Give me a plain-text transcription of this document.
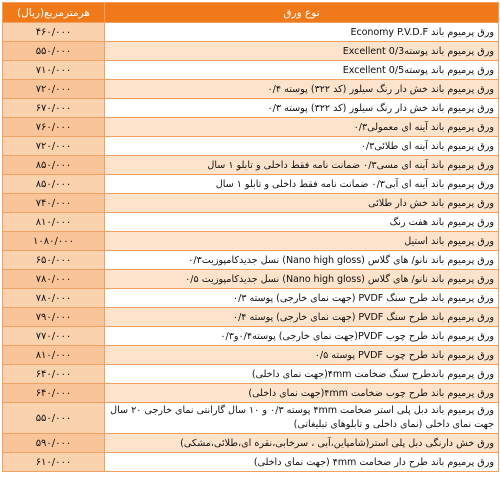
نوع ورق	هرمترمربع(ریال)
ورق پرمیوم باند Economy P.V.D.F	۴۶۰/۰۰۰
ورق پرمیوم باند پوسته0/3 Excellent	۵۵۰/۰۰۰
ورق پرمیوم باند پوسته0/5 Excellent	۷۱۰/۰۰۰
ورق پرمیوم باند خش دار رنگ سیلور (کد ۳۲۲) پوسته ۰/۴	۷۲۰/۰۰۰
ورق پرمیوم باند خش دار رنگ سیلور (کد ۳۲۲) پوسته ۰/۳	۶۷۰/۰۰۰
ورق پرمیوم باند آینه ای معمولی۰/۳	۷۶۰/۰۰۰
ورق پرمیوم باند آینه ای طلائی۰/۳	۷۲۰/۰۰۰
ورق پرمیوم باند آینه ای مسی۰/۳ ضمانت نامه فقط داخلی و تابلو ۱ سال	۸۵۰/۰۰۰
ورق پرمیوم باند آینه ای آبی۰/۳ ضمانت نامه فقط داخلی و تابلو ۱ سال	۸۵۰/۰۰۰
ورق پرمیوم باند خش دار طلائی	۷۴۰/۰۰۰
ورق پرمیوم باند هفت رنگ	۸۱۰/۰۰۰
ورق پرمیوم باند استیل	۱۰۸۰/۰۰۰
ورق پرمیوم باند نانو/ های گلاس (Nano high gloss) نسل جدیدکامپوزیت۰/۳	۶۵۰/۰۰۰
ورق پرمیوم باند نانو/ های گلاس (Nano high gloss) نسل جدیدکامپوزیت ۰/۵	۷۸۰/۰۰۰
ورق پرمیوم باند طرح سنگ PVDF (جهت نمای خارجی) پوسته ۰/۳	۷۸۰/۰۰۰
ورق پرمیوم باند طرح سنگ PVDF (جهت نمای خارجی) پوسته ۰/۴	۷۹۰/۰۰۰
ورق پرمیوم باند طرح چوب PVDF(جهت نمای خارجی) پوسته۰/۴و۰/۳	۷۷۰/۰۰۰
ورق پرمیوم باند طرح چوب PVDF پوسته ۰/۵	۸۱۰/۰۰۰
ورق پرمیوم باندطرح سنگ ضخامت ۴mm(جهت نمای داخلی)	۶۴۰/۰۰۰
ورق پرمیوم باند طرح چوب ضخامت ۴mm(جهت نمای داخلی)	۶۴۰/۰۰۰
ورق پرمیوم باند دبل پلی استر ضخامت ۴mm پوسته ۰/۳ و ۱۰ سال گارانتی نمای خارجی ۲۰ سال جهت نمای داخلی (نمای داخلی و تابلوهای تبلیغاتی)	۵۵۰/۰۰۰
ورق خش دارنگی دبل پلی استر(شامپاین،آبی ، سرخابی،نقره ای،طلائی،مشکی)	۵۹۰/۰۰۰
ورق پرمیوم باند طرح دار ضخامت ۴mm (جهت نمای داخلی)	۶۱۰/۰۰۰
